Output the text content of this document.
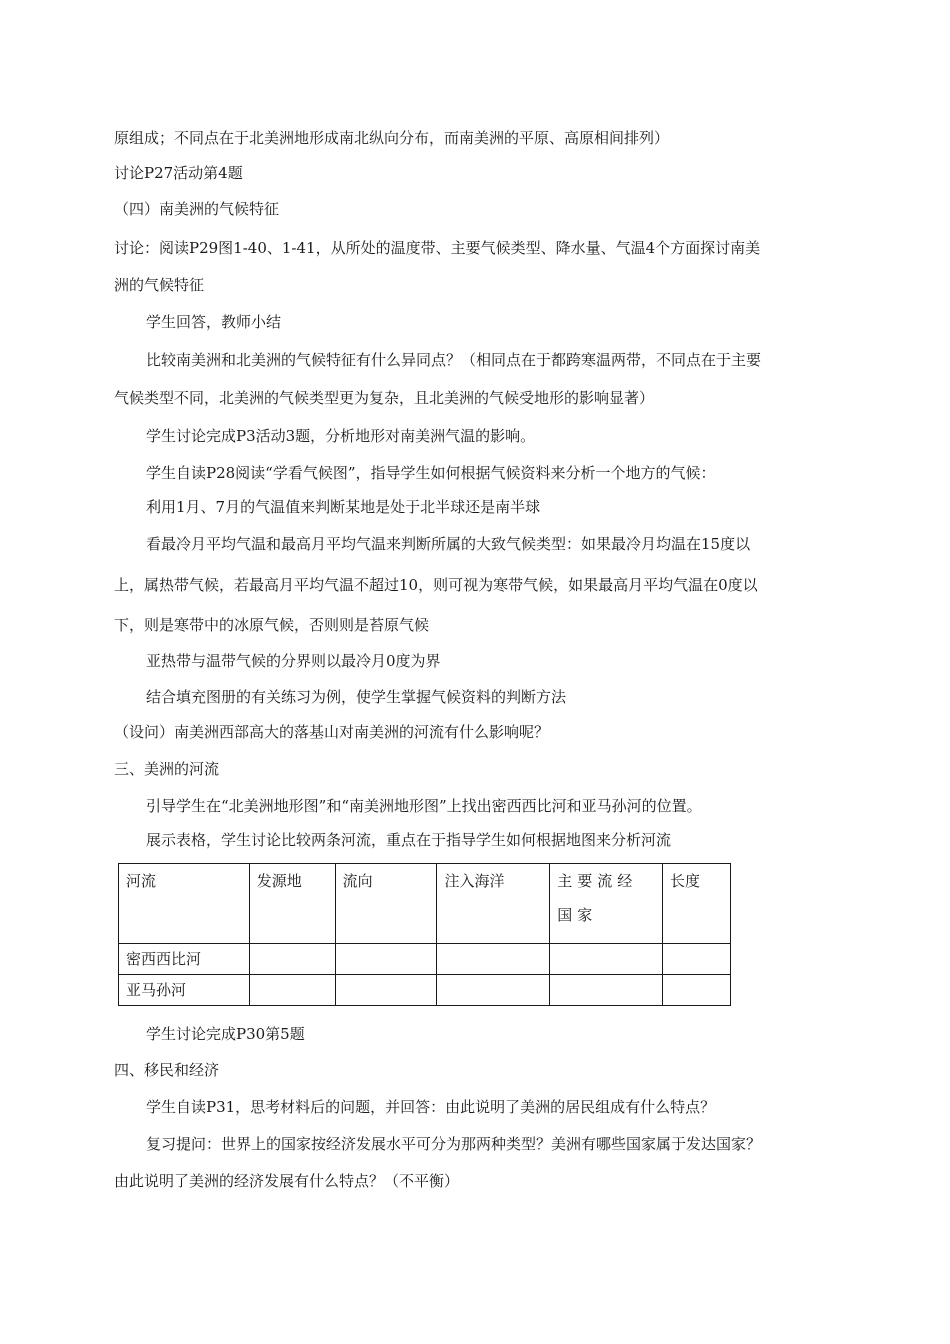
原组成；不同点在于北美洲地形成南北纵向分布，而南美洲的平原、高原相间排列）
讨论P27活动第4题
（四）南美洲的气候特征
讨论：阅读P29图1-40、1-41，从所处的温度带、主要气候类型、降水量、气温4个方面探讨南美
洲的气候特征
学生回答，教师小结
比较南美洲和北美洲的气候特征有什么异同点？（相同点在于都跨寒温两带，不同点在于主要
气候类型不同，北美洲的气候类型更为复杂，且北美洲的气候受地形的影响显著）
学生讨论完成P3活动3题，分析地形对南美洲气温的影响。
学生自读P28阅读“学看气候图”，指导学生如何根据气候资料来分析一个地方的气候：
利用1月、7月的气温值来判断某地是处于北半球还是南半球
看最冷月平均气温和最高月平均气温来判断所属的大致气候类型：如果最冷月均温在15度以
上，属热带气候，若最高月平均气温不超过10，则可视为寒带气候，如果最高月平均气温在0度以
下，则是寒带中的冰原气候，否则则是苔原气候
亚热带与温带气候的分界则以最冷月0度为界
结合填充图册的有关练习为例，使学生掌握气候资料的判断方法
（设问）南美洲西部高大的落基山对南美洲的河流有什么影响呢？
三、美洲的河流
引导学生在“北美洲地形图”和“南美洲地形图”上找出密西西比河和亚马孙河的位置。
展示表格，学生讨论比较两条河流，重点在于指导学生如何根据地图来分析河流
河流	发源地	流向	注入海洋	主要流经国家	长度
密西西比河					
亚马孙河					
学生讨论完成P30第5题
四、移民和经济
学生自读P31，思考材料后的问题，并回答：由此说明了美洲的居民组成有什么特点？
复习提问：世界上的国家按经济发展水平可分为那两种类型？美洲有哪些国家属于发达国家？
由此说明了美洲的经济发展有什么特点？（不平衡）
